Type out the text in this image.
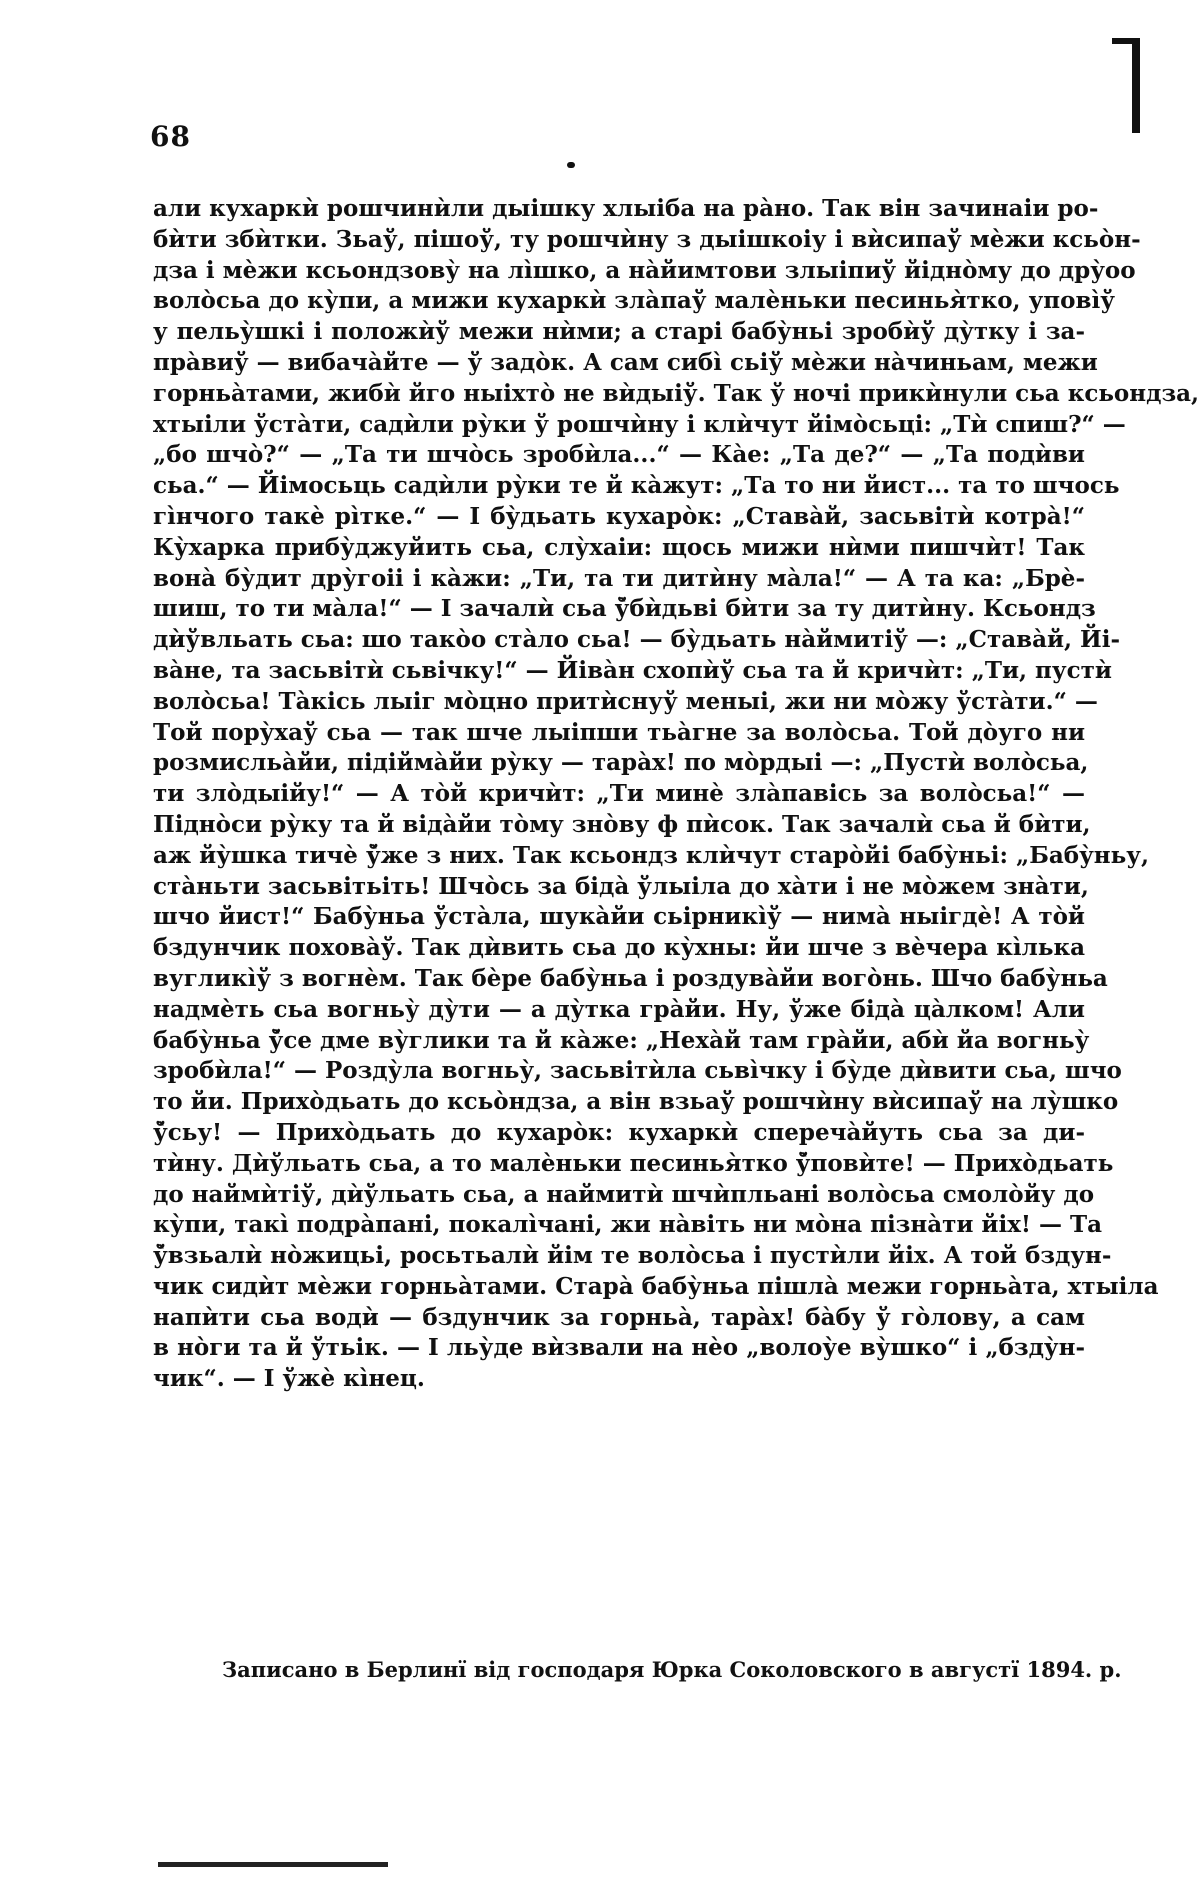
68
али кухаркѝ рошчинѝли дыішку хлыіба на ра̀но. Так він зачинаіи ро-
бѝти збѝтки. Зьаў, пішоў, ту рошчѝну з дыішкоіу і вѝсипаў мѐжи ксьо̀н-
дза і мѐжи ксьондзову̀ на лі̀шко, а на̀йимтови злыіпиў йідно̀му до дру̀оо
воло̀сьа до ку̀пи, а мижи кухаркѝ зла̀паў малѐньки песинья̀тко, упові̀ў
у пельу̀шкі і положѝў межи нѝми; а старі бабу̀ньі зробѝў ду̀тку і за-
пра̀виў — вибача̀йте — ў задо̀к. А сам сибі̀ сьіў мѐжи на̀чиньам, межи
горньа̀тами, жибѝ йго ныіхто̀ не вѝдыіў. Так ў ночі прикѝнули сьа ксьондза,
хтыіли ўста̀ти, садѝли ру̀ки ў рошчѝну і клѝчут йімо̀сьці: „Тѝ спиш?“ —
„бо шчо̀?“ — „Та ти шчо̀сь зробѝла...“ — Ка̀е: „Та де?“ — „Та подѝви
сьа.“ — Йімосьць садѝли ру̀ки те й ка̀жут: „Та то ни йист... та то шчось
гі̀нчого такѐ рі̀тке.“ — І бу̀дьать кухаро̀к: „Става̀й, засьвітѝ котра̀!“
Ку̀харка прибу̀джуйить сьа, слу̀хаіи: щось мижи нѝми пишчѝт! Так
вона̀ бу̀дит дру̀гоіі і ка̀жи: „Ти, та ти дитѝну ма̀ла!“ — А та ка: „Брѐ-
шиш, то ти ма̀ла!“ — І зачалѝ сьа ў̀бѝдьві бѝти за ту дитѝну. Ксьондз
дѝўвльать сьа: шо тако̀о ста̀ло сьа! — бу̀дьать на̀ймитіў —: „Става̀й, Йі-
ва̀не, та засьвітѝ сьвічку!“ — Йіва̀н схопѝў сьа та й кричѝт: „Ти, пустѝ
воло̀сьа! Та̀кісь лыіг мо̀цно притѝснуў меныі, жи ни мо̀жу ўста̀ти.“ —
Той пору̀хаў сьа — так шче лыіпши тьа̀гне за воло̀сьа. Той до̀уго ни
розмисльа̀йи, підійма̀йи ру̀ку — тара̀х! по мо̀рдыі —: „Пустѝ воло̀сьа,
ти зло̀дыійу!“ — А то̀й кричѝт: „Ти минѐ зла̀павісь за воло̀сьа!“ —
Підно̀си ру̀ку та й віда̀йи то̀му зно̀ву ф пѝсок. Так зачалѝ сьа й бѝти,
аж йу̀шка тичѐ ў̀же з них. Так ксьондз клѝчут старо̀йі бабу̀ньі: „Бабу̀ньу,
ста̀ньти засьвітьіть! Шчо̀сь за біда̀ ўлыіла до ха̀ти і не мо̀жем зна̀ти,
шчо йист!“ Бабу̀ньа ўста̀ла, шука̀йи сьірникі̀ў — нима̀ ныігдѐ! А то̀й
бздунчик похова̀ў. Так дѝвить сьа до ку̀хны: йи шче з вѐчера кі̀лька
вугликі̀ў з вогнѐм. Так бѐре бабу̀ньа і роздува̀йи вого̀нь. Шчо бабу̀ньа
надмѐть сьа вогньу̀ ду̀ти — а ду̀тка гра̀йи. Ну, ўже біда̀ ца̀лком! Али
бабу̀ньа ў̀се дме ву̀глики та й ка̀же: „Неха̀й там гра̀йи, абѝ йа вогньу̀
зробѝла!“ — Розду̀ла вогньу̀, засьвітѝла сьві̀чку і бу̀де дѝвити сьа, шчо
то йи. Прихо̀дьать до ксьо̀ндза, а він взьаў рошчѝну вѝсипаў на лу̀шко
ў̀сьу! — Прихо̀дьать до кухаро̀к: кухаркѝ спереча̀йуть сьа за ди-
тѝну. Дѝўльать сьа, а то малѐньки песинья̀тко ў̀повѝте! — Прихо̀дьать
до наймѝтіў, дѝўльать сьа, а наймитѝ шчѝпльані воло̀сьа смоло̀йу до
ку̀пи, такі̀ подра̀пані, покалі̀чані, жи на̀віть ни мо̀на пізна̀ти йіх! — Та
ў̀взьалѝ но̀жицьі, росьтьалѝ йім те воло̀сьа і пустѝли йіх. А той бздун-
чик сидѝт мѐжи горньа̀тами. Стара̀ бабу̀ньа пішла̀ межи горньа̀та, хтыіла
напѝти сьа водѝ — бздунчик за горньа̀, тара̀х! ба̀бу ў го̀лову, а сам
в но̀ги та й ўтьік. — І льу̀де вѝзвали на нѐо „волоу̀е ву̀шко“ і „бзду̀н-
чик“. — І ўжѐ кі̀нец.
Записано в Берлинї від господаря Юрка Соколовского в августї 1894. р.
